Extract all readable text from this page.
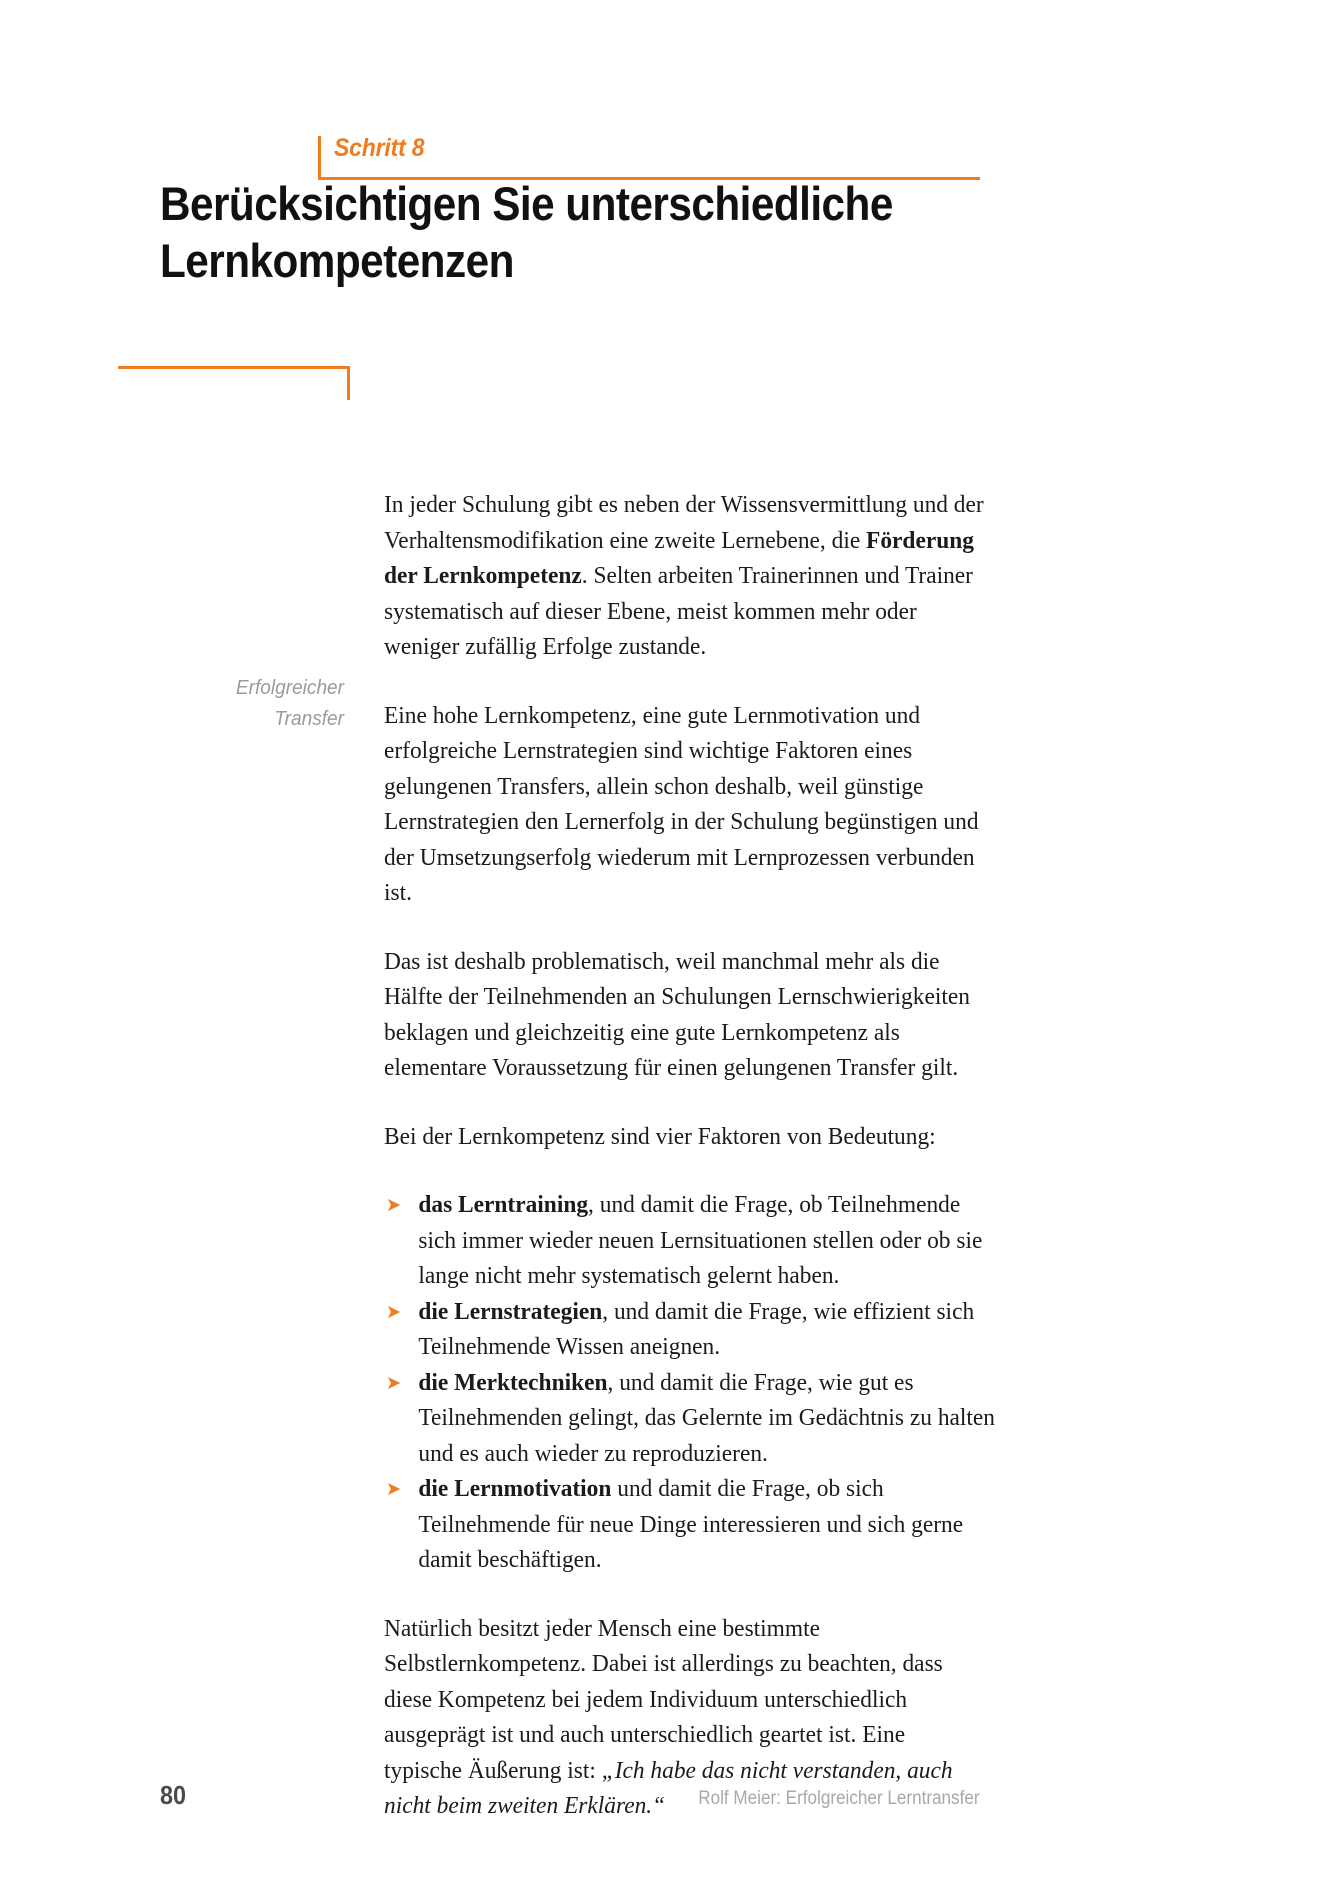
Schritt 8
Berücksichtigen Sie unterschiedliche
Lernkompetenzen
Erfolgreicher
Transfer

In jeder Schulung gibt es neben der Wissensvermittlung und der Verhaltensmodifikation eine zweite Lernebene, die Förderung der Lernkompetenz. Selten arbeiten Trainerinnen und Trainer systematisch auf dieser Ebene, meist kommen mehr oder weniger zufällig Erfolge zustande.

Eine hohe Lernkompetenz, eine gute Lernmotivation und erfolgreiche Lernstrategien sind wichtige Faktoren eines gelungenen Transfers, allein schon deshalb, weil günstige Lernstrategien den Lernerfolg in der Schulung begünstigen und der Umsetzungserfolg wiederum mit Lernprozessen verbunden ist.

Das ist deshalb problematisch, weil manchmal mehr als die Hälfte der Teilnehmenden an Schulungen Lernschwierigkeiten beklagen und gleichzeitig eine gute Lernkompetenz als elementare Voraussetzung für einen gelungenen Transfer gilt.

Bei der Lernkompetenz sind vier Faktoren von Bedeutung:

➤ das Lerntraining, und damit die Frage, ob Teilnehmende sich immer wieder neuen Lernsituationen stellen oder ob sie lange nicht mehr systematisch gelernt haben.
➤ die Lernstrategien, und damit die Frage, wie effizient sich Teilnehmende Wissen aneignen.
➤ die Merktechniken, und damit die Frage, wie gut es Teilnehmenden gelingt, das Gelernte im Gedächtnis zu halten und es auch wieder zu reproduzieren.
➤ die Lernmotivation und damit die Frage, ob sich Teilnehmende für neue Dinge interessieren und sich gerne damit beschäftigen.

Natürlich besitzt jeder Mensch eine bestimmte Selbstlernkompetenz. Dabei ist allerdings zu beachten, dass diese Kompetenz bei jedem Individuum unterschiedlich ausgeprägt ist und auch unterschiedlich geartet ist. Eine typische Äußerung ist: „Ich habe das nicht verstanden, auch nicht beim zweiten Erklären.“

80	Rolf Meier: Erfolgreicher Lerntransfer
